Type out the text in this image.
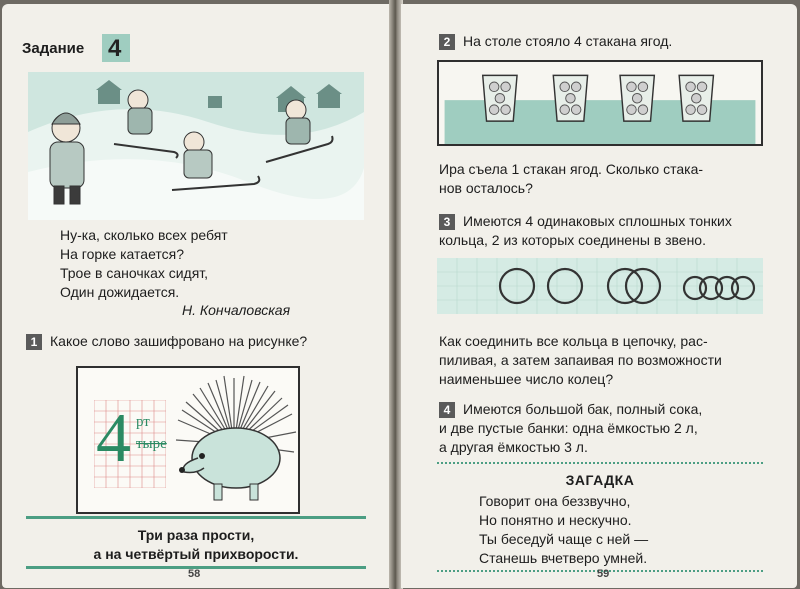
Задание 4
Ну-ка, сколько всех ребят
На горке катается?
Трое в саночках сидят,
Один дожидается.
Н. Кончаловская
1 Какое слово зашифровано на рисунке?
4 рт
тыре
Три раза прости,
а на четвёртый прихворости.
58
2 На столе стояло 4 стакана ягод.
Ира съела 1 стакан ягод. Сколько стака-
нов осталось?
3 Имеются 4 одинаковых сплошных тонких
кольца, 2 из которых соединены в звено.
Как соединить все кольца в цепочку, рас-
пиливая, а затем запаивая по возможности
наименьшее число колец?
4 Имеются большой бак, полный сока,
и две пустые банки: одна ёмкостью 2 л,
а другая ёмкостью 3 л.
ЗАГАДКА
Говорит она беззвучно,
Но понятно и нескучно.
Ты беседуй чаще с ней —
Станешь вчетверо умней.
59
